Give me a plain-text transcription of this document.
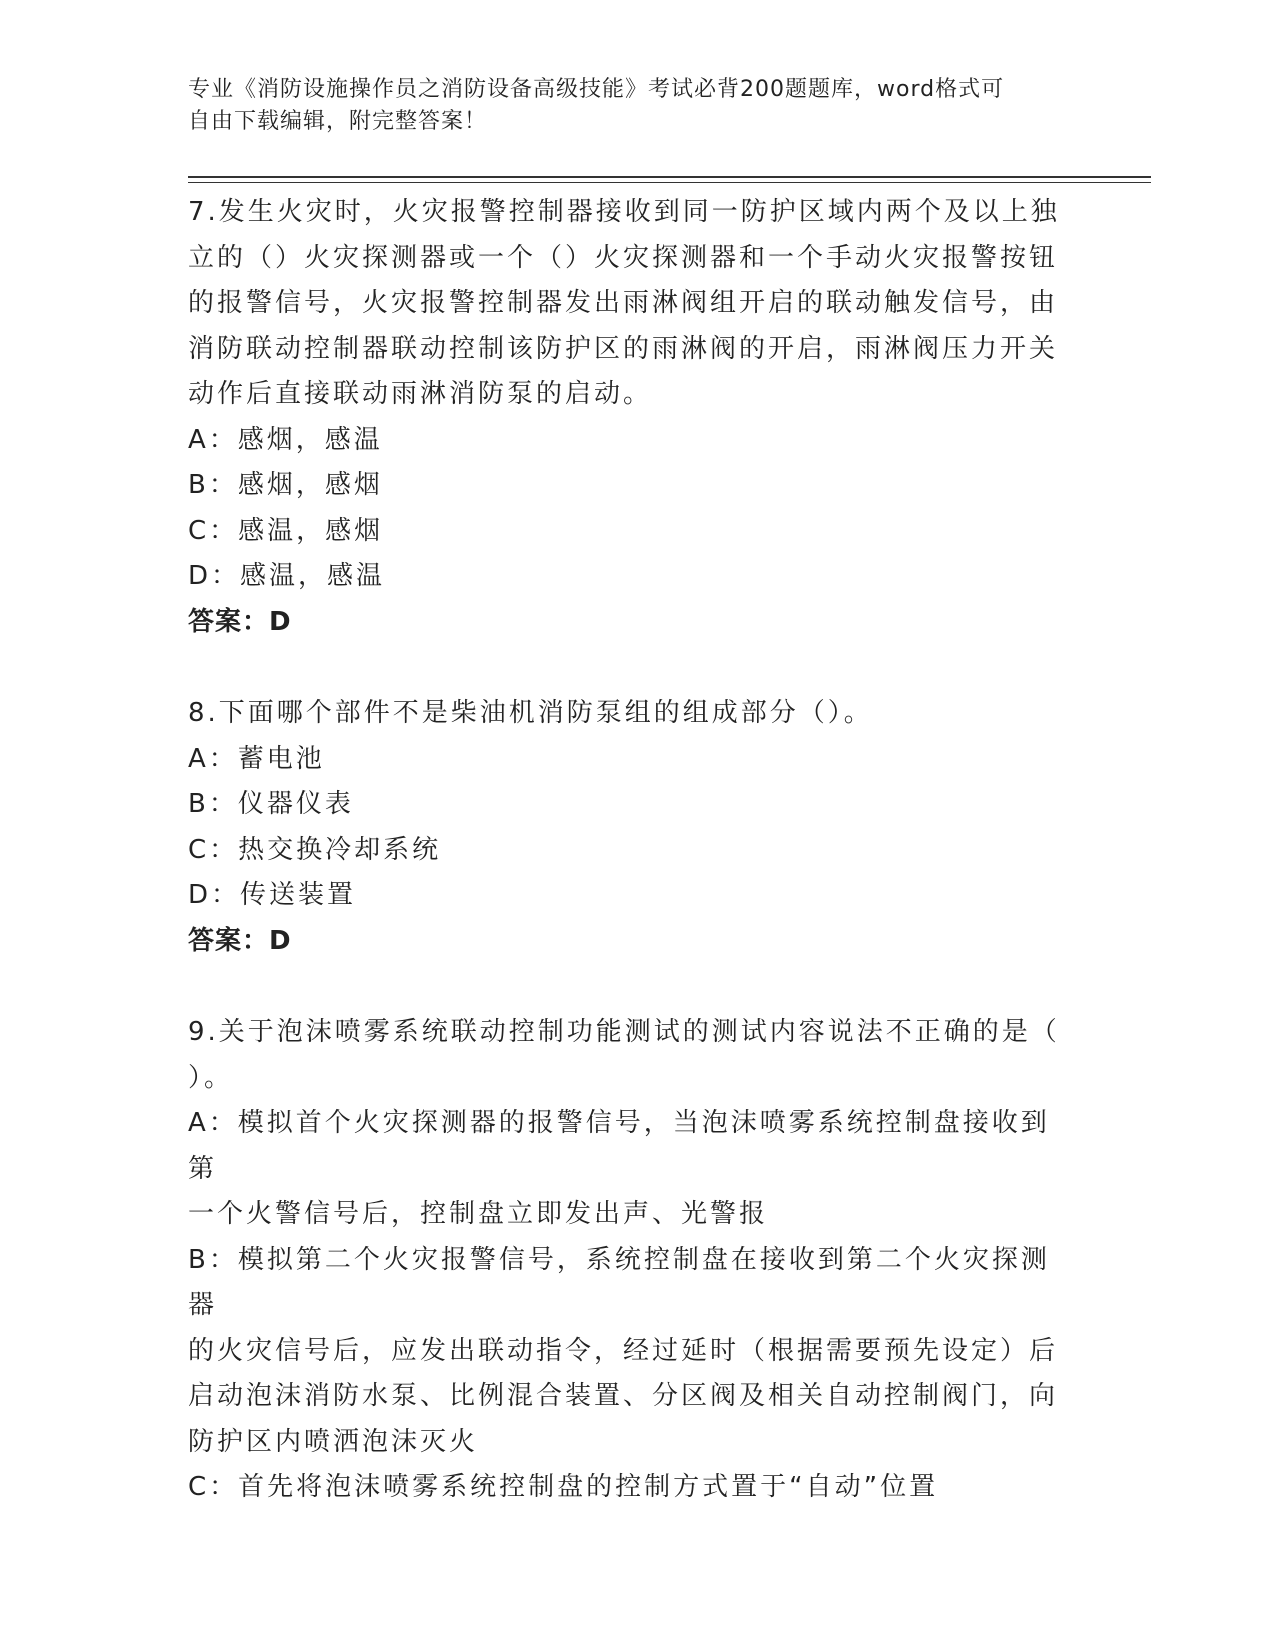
专业《消防设施操作员之消防设备高级技能》考试必背200题题库，word格式可
自由下载编辑，附完整答案！

7.发生火灾时，火灾报警控制器接收到同一防护区域内两个及以上独

立的（）火灾探测器或一个（）火灾探测器和一个手动火灾报警按钮

的报警信号，火灾报警控制器发出雨淋阀组开启的联动触发信号，由

消防联动控制器联动控制该防护区的雨淋阀的开启，雨淋阀压力开关

动作后直接联动雨淋消防泵的启动。

A：感烟，感温

B：感烟，感烟

C：感温，感烟

D：感温，感温

答案：D

8.下面哪个部件不是柴油机消防泵组的组成部分（）。

A：蓄电池

B：仪器仪表

C：热交换冷却系统

D：传送装置

答案：D

9.关于泡沫喷雾系统联动控制功能测试的测试内容说法不正确的是（

）。

A：模拟首个火灾探测器的报警信号，当泡沫喷雾系统控制盘接收到第

一个火警信号后，控制盘立即发出声、光警报

B：模拟第二个火灾报警信号，系统控制盘在接收到第二个火灾探测器

的火灾信号后，应发出联动指令，经过延时（根据需要预先设定）后

启动泡沫消防水泵、比例混合装置、分区阀及相关自动控制阀门，向

防护区内喷洒泡沫灭火

C：首先将泡沫喷雾系统控制盘的控制方式置于“自动”位置
